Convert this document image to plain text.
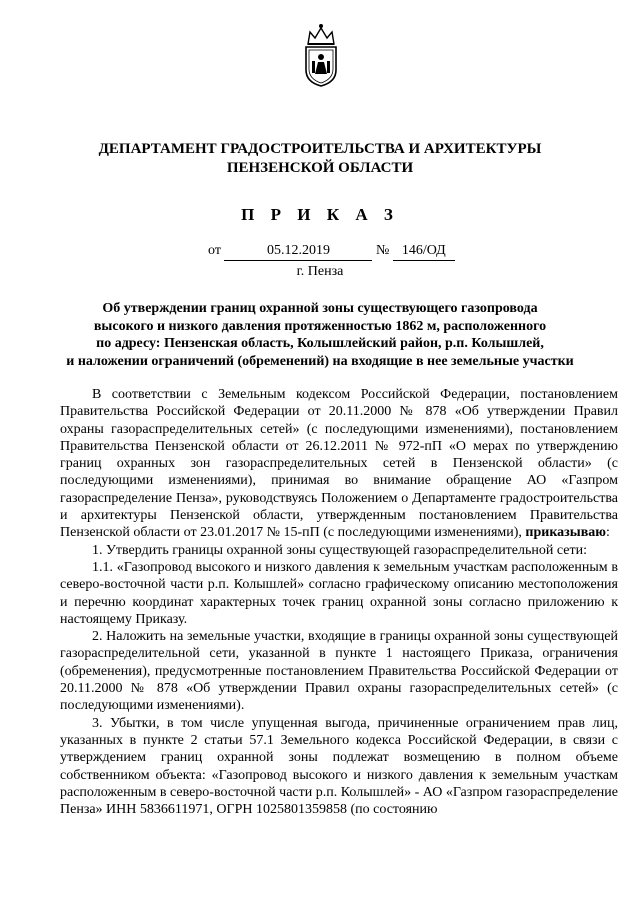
ДЕПАРТАМЕНТ ГРАДОСТРОИТЕЛЬСТВА И АРХИТЕКТУРЫ
ПЕНЗЕНСКОЙ ОБЛАСТИ
П Р И К А З
от	05.12.2019	№ 146/ОД
г. Пенза
Об утверждении границ охранной зоны существующего газопровода
высокого и низкого давления протяженностью 1862 м, расположенного
по адресу: Пензенская область, Колышлейский район, р.п. Колышлей,
и наложении ограничений (обременений) на входящие в нее земельные участки

В соответствии с Земельным кодексом Российской Федерации, постановлением Правительства Российской Федерации от 20.11.2000 № 878 «Об утверждении Правил охраны газораспределительных сетей» (с последующими изменениями), постановлением Правительства Пензенской области от 26.12.2011 № 972-пП «О мерах по утверждению границ охранных зон газораспределительных сетей в Пензенской области» (с последующими изменениями), принимая во внимание обращение АО «Газпром газораспределение Пенза», руководствуясь Положением о Департаменте градостроительства и архитектуры Пензенской области, утвержденным постановлением Правительства Пензенской области от 23.01.2017 № 15-пП (с последующими изменениями), приказываю:

1. Утвердить границы охранной зоны существующей газораспределительной сети:

1.1. «Газопровод высокого и низкого давления к земельным участкам расположенным в северо-восточной части р.п. Колышлей» согласно графическому описанию местоположения и перечню координат характерных точек границ охранной зоны согласно приложению к настоящему Приказу.

2. Наложить на земельные участки, входящие в границы охранной зоны существующей газораспределительной сети, указанной в пункте 1 настоящего Приказа, ограничения (обременения), предусмотренные постановлением Правительства Российской Федерации от 20.11.2000 № 878 «Об утверждении Правил охраны газораспределительных сетей» (с последующими изменениями).

3. Убытки, в том числе упущенная выгода, причиненные ограничением прав лиц, указанных в пункте 2 статьи 57.1 Земельного кодекса Российской Федерации, в связи с утверждением границ охранной зоны подлежат возмещению в полном объеме собственником объекта: «Газопровод высокого и низкого давления к земельным участкам расположенным в северо-восточной части р.п. Колышлей» - АО «Газпром газораспределение Пенза» ИНН 5836611971, ОГРН 1025801359858 (по состоянию
